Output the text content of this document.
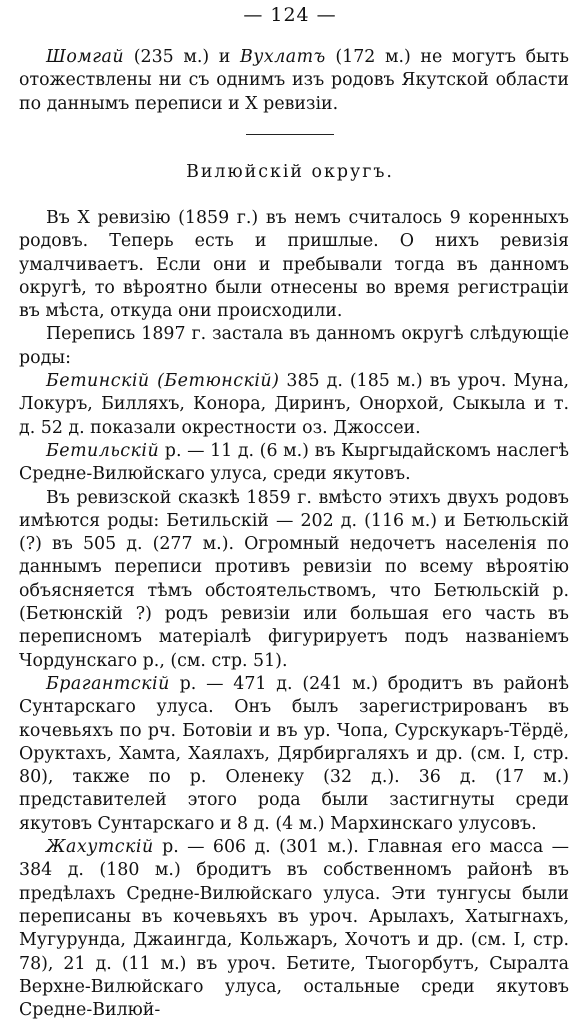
— 124 —

Шомгай (235 м.) и Вухлатъ (172 м.) не могутъ быть отожествлены ни съ однимъ изъ родовъ Якутской области по даннымъ переписи и X ревизіи.

Вилюйскій округъ.

Въ X ревизію (1859 г.) въ немъ считалось 9 коренныхъ родовъ. Теперь есть и пришлые. О нихъ ревизія умалчиваетъ. Если они и пребывали тогда въ данномъ округѣ, то вѣроятно были отнесены во время регистраціи въ мѣста, откуда они происходили.

Перепись 1897 г. застала въ данномъ округѣ слѣдующіе роды:

Бетинскій (Бетюнскій) 385 д. (185 м.) въ уроч. Муна, Локуръ, Билляхъ, Конора, Диринъ, Онорхой, Сыкыла и т. д. 52 д. показали окрестности оз. Джоссеи.

Бетильскій р. — 11 д. (6 м.) въ Кыргыдайскомъ наслегѣ Средне-Вилюйскаго улуса, среди якутовъ.

Въ ревизской сказкѣ 1859 г. вмѣсто этихъ двухъ родовъ имѣются роды: Бетильскій — 202 д. (116 м.) и Бетюльскій (?) въ 505 д. (277 м.). Огромный недочетъ населенія по даннымъ переписи противъ ревизіи по всему вѣроятію объясняется тѣмъ обстоятельствомъ, что Бетюльскій р. (Бетюнскій ?) родъ ревизіи или большая его часть въ переписномъ матеріалѣ фигурируетъ подъ названіемъ Чордунскаго р., (см. стр. 51).

Брагантскій р. — 471 д. (241 м.) бродитъ въ районѣ Сунтарскаго улуса. Онъ былъ зарегистрированъ въ кочевьяхъ по рч. Ботовіи и въ ур. Чопа, Сурскукаръ-Тёрдё, Оруктахъ, Хамта, Хаялахъ, Дярбиргаляхъ и др. (см. I, стр. 80), также по р. Оленеку (32 д.). 36 д. (17 м.) представителей этого рода были застигнуты среди якутовъ Сунтарскаго и 8 д. (4 м.) Мархинскаго улусовъ.

Жахутскій р. — 606 д. (301 м.). Главная его масса — 384 д. (180 м.) бродитъ въ собственномъ районѣ въ предѣлахъ Средне-Вилюйскаго улуса. Эти тунгусы были переписаны въ кочевьяхъ въ уроч. Арылахъ, Хатыгнахъ, Мугурунда, Джаингда, Кольжаръ, Хочотъ и др. (см. I, стр. 78), 21 д. (11 м.) въ уроч. Бетите, Тыогорбутъ, Сыралта Верхне-Вилюйскаго улуса, остальные среди якутовъ Средне-Вилюй-
